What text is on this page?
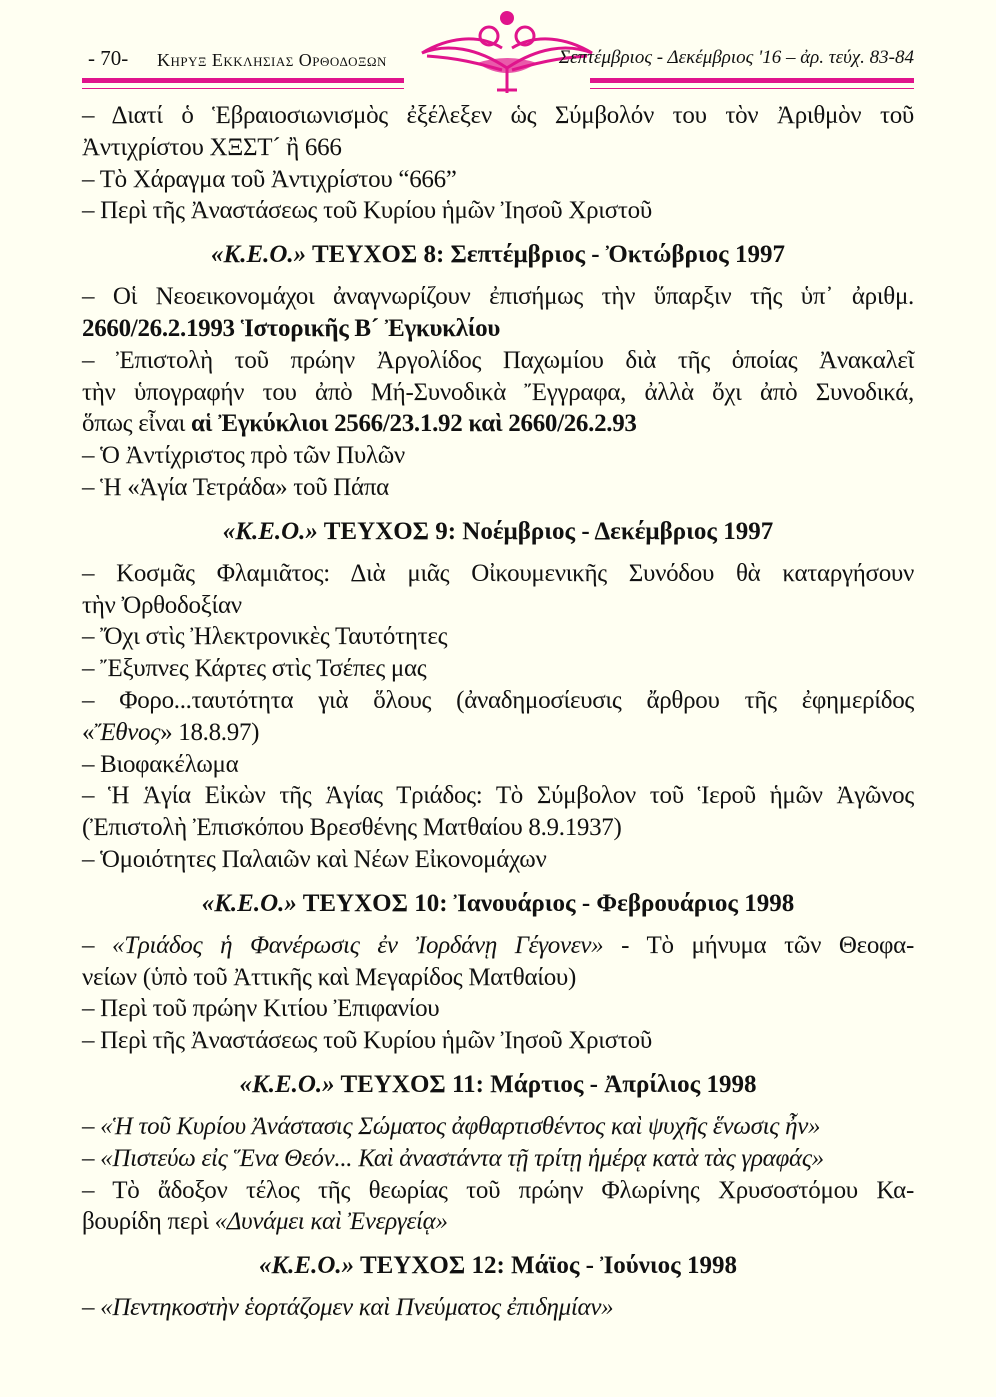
- 70- Κηρυξ Εκκλησιας Ορθοδοξων	Σεπτέμβριος - Δεκέμβριος '16 – ἀρ. τεύχ. 83-84
– Διατί ὁ Ἑβραιοσιωνισμὸς ἐξέλεξεν ὡς Σύμβολόν του τὸν Ἀριθμὸν τοῦ
Ἀντιχρίστου ΧΞΣΤ´ ἢ 666
– Τὸ Χάραγμα τοῦ Ἀντιχρίστου “666”
– Περὶ τῆς Ἀναστάσεως τοῦ Κυρίου ἡμῶν Ἰησοῦ Χριστοῦ
«Κ.Ε.Ο.» ΤΕΥΧΟΣ 8: Σεπτέμβριος - Ὀκτώβριος 1997
– Οἱ Νεοεικονομάχοι ἀναγνωρίζουν ἐπισήμως τὴν ὕπαρξιν τῆς ὑπ᾽ ἀριθμ.
2660/26.2.1993 Ἱστορικῆς Β´ Ἐγκυκλίου
– Ἐπιστολὴ τοῦ πρώην Ἀργολίδος Παχωμίου διὰ τῆς ὁποίας Ἀνακαλεῖ
τὴν ὑπογραφήν του ἀπὸ Μή-Συνοδικὰ Ἔγγραφα, ἀλλὰ ὄχι ἀπὸ Συνοδικά,
ὅπως εἶναι αἱ Ἐγκύκλιοι 2566/23.1.92 καὶ 2660/26.2.93
– Ὁ Ἀντίχριστος πρὸ τῶν Πυλῶν
– Ἡ «Ἁγία Τετράδα» τοῦ Πάπα
«Κ.Ε.Ο.» ΤΕΥΧΟΣ 9: Νοέμβριος - Δεκέμβριος 1997
– Κοσμᾶς Φλαμιᾶτος: Διὰ μιᾶς Οἰκουμενικῆς Συνόδου θὰ καταργήσουν
τὴν Ὀρθοδοξίαν
– Ὄχι στὶς Ἠλεκτρονικὲς Ταυτότητες
– Ἔξυπνες Κάρτες στὶς Τσέπες μας
– Φορο...ταυτότητα γιὰ ὅλους (ἀναδημοσίευσις ἄρθρου τῆς ἐφημερίδος
«Ἔθνος» 18.8.97)
– Βιοφακέλωμα
– Ἡ Ἁγία Εἰκὼν τῆς Ἁγίας Τριάδος: Τὸ Σύμβολον τοῦ Ἱεροῦ ἡμῶν Ἀγῶνος
(Ἐπιστολὴ Ἐπισκόπου Βρεσθένης Ματθαίου 8.9.1937)
– Ὁμοιότητες Παλαιῶν καὶ Νέων Εἰκονομάχων
«Κ.Ε.Ο.» ΤΕΥΧΟΣ 10: Ἰανουάριος - Φεβρουάριος 1998
– «Τριάδος ἡ Φανέρωσις ἐν Ἰορδάνῃ Γέγονεν» - Τὸ μήνυμα τῶν Θεοφα-
νείων (ὑπὸ τοῦ Ἀττικῆς καὶ Μεγαρίδος Ματθαίου)
– Περὶ τοῦ πρώην Κιτίου Ἐπιφανίου
– Περὶ τῆς Ἀναστάσεως τοῦ Κυρίου ἡμῶν Ἰησοῦ Χριστοῦ
«Κ.Ε.Ο.» ΤΕΥΧΟΣ 11: Μάρτιος - Ἀπρίλιος 1998
– «Ἡ τοῦ Κυρίου Ἀνάστασις Σώματος ἀφθαρτισθέντος καὶ ψυχῆς ἕνωσις ἦν»
– «Πιστεύω εἰς Ἕνα Θεόν... Καὶ ἀναστάντα τῇ τρίτῃ ἡμέρᾳ κατὰ τὰς γραφάς»
– Τὸ ἄδοξον τέλος τῆς θεωρίας τοῦ πρώην Φλωρίνης Χρυσοστόμου Κα-
βουρίδη περὶ «Δυνάμει καὶ Ἐνεργείᾳ»
«Κ.Ε.Ο.» ΤΕΥΧΟΣ 12: Μάϊος - Ἰούνιος 1998
– «Πεντηκοστὴν ἑορτάζομεν καὶ Πνεύματος ἐπιδημίαν»
